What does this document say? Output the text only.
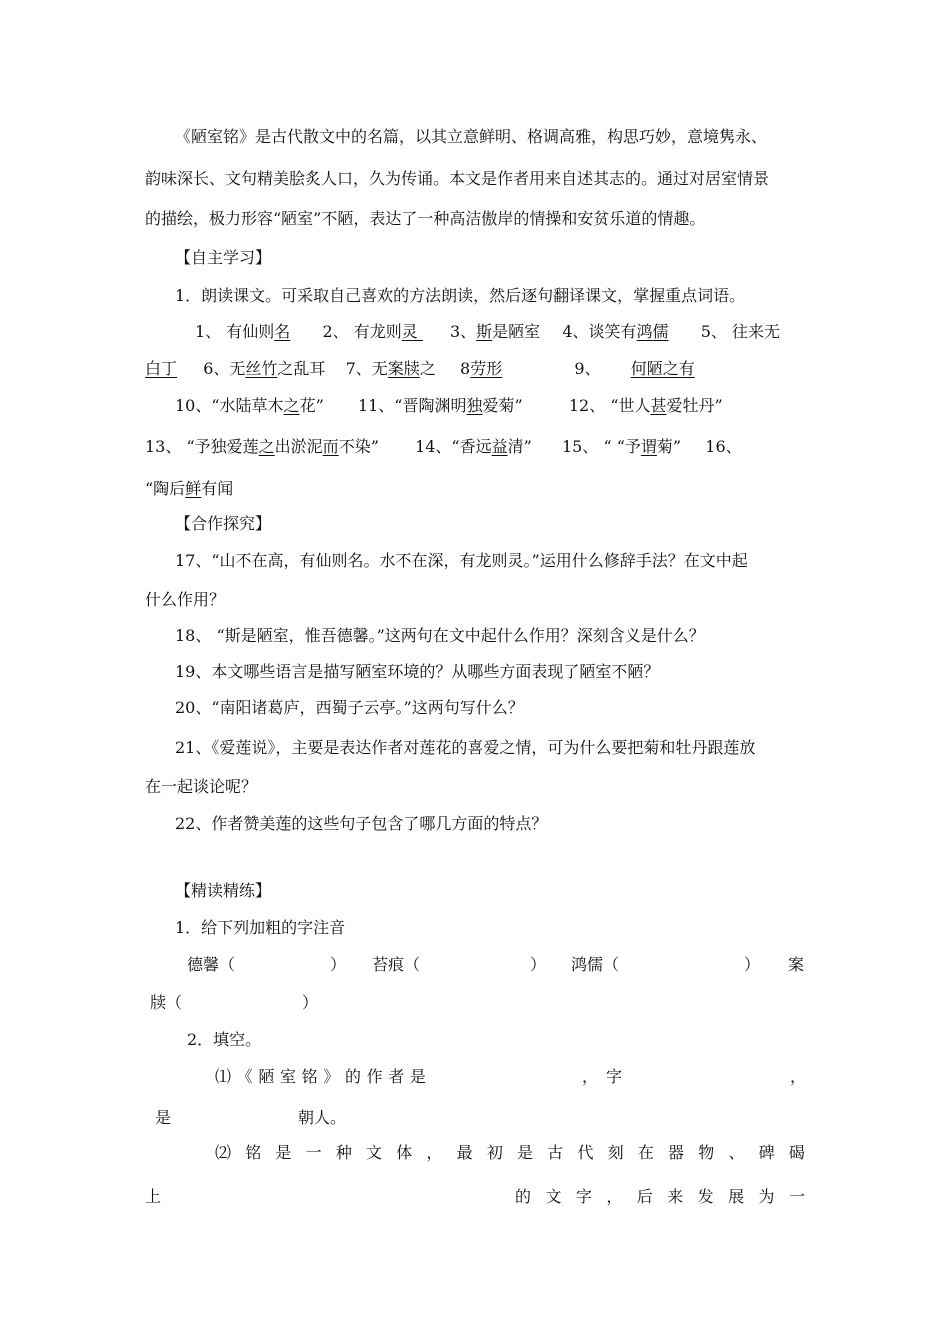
《陋室铭》是古代散文中的名篇，以其立意鲜明、格调高雅，构思巧妙，意境隽永、
韵味深长、文句精美脍炙人口，久为传诵。本文是作者用来自述其志的。通过对居室情景
的描绘，极力形容“陋室”不陋，表达了一种高洁傲岸的情操和安贫乐道的情趣。
【自主学习】
1．朗读课文。可采取自己喜欢的方法朗读，然后逐句翻译课文，掌握重点词语。
1、 有仙则名 2、 有龙则灵  3、斯是陋室 4、谈笑有鸿儒 5、 往来无
白丁 6、无丝竹之乱耳 7、无案牍之 8劳形	9、 何陋之有
10、“水陆草木之花” 11、“晋陶渊明独爱菊”	12、 “世人甚爱牡丹”
13、 “予独爱莲之出淤泥而不染” 14、“香远益清” 15、 “ “予谓菊” 16、
“陶后鲜有闻
【合作探究】
17、“山不在高，有仙则名。水不在深，有龙则灵。”运用什么修辞手法？在文中起
什么作用？
18、 “斯是陋室，惟吾德馨。”这两句在文中起什么作用？深刻含义是什么？
19、本文哪些语言是描写陋室环境的？从哪些方面表现了陋室不陋？
20、“南阳诸葛庐，西蜀子云亭。”这两句写什么？
21、《爱莲说》，主要是表达作者对莲花的喜爱之情，可为什么要把菊和牡丹跟莲放
在一起谈论呢？
22、作者赞美莲的这些句子包含了哪几方面的特点？
【精读精练】
1．给下列加粗的字注音
德馨（	） 苔痕（	） 鸿儒（	） 案
牍（	）
2．填空。
⑴ 《 陋 室 铭 》 的 作 者 是	，字	，
是	朝人。
⑵ 铭 是 一 种 文 体 ， 最 初 是 古 代 刻 在 器 物 、 碑 碣
上	的 文 字 ， 后 来 发 展 为 一
